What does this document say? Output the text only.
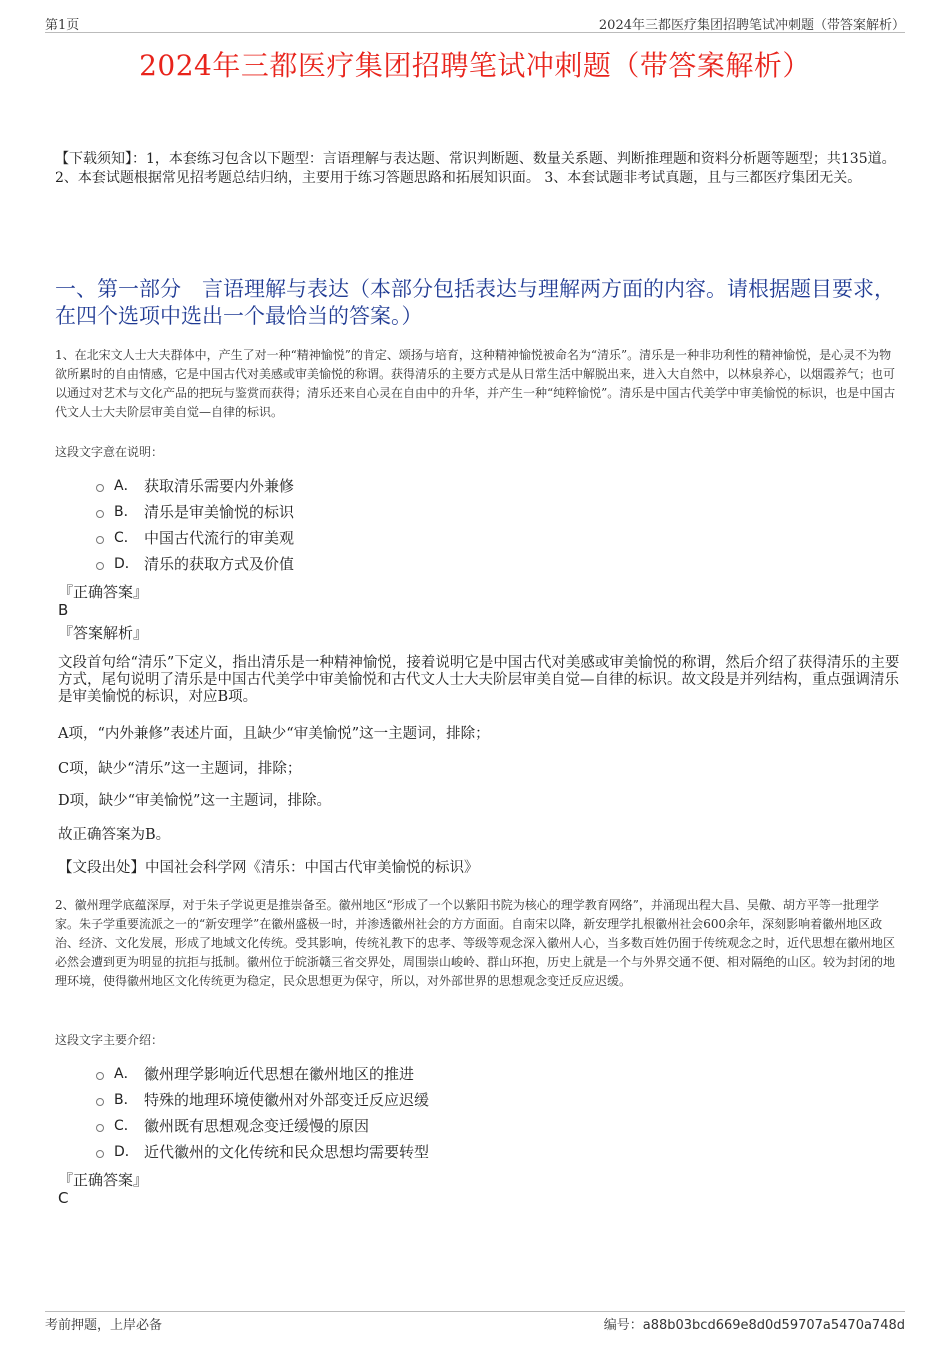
第1页	2024年三都医疗集团招聘笔试冲刺题（带答案解析）
2024年三都医疗集团招聘笔试冲刺题（带答案解析）
【下载须知】：1，本套练习包含以下题型：言语理解与表达题、常识判断题、数量关系题、判断推理题和资料分析题等题型；共135道。 2、本套试题根据常见招考题总结归纳，主要用于练习答题思路和拓展知识面。 3、本套试题非考试真题，且与三都医疗集团无关。
一、第一部分　言语理解与表达（本部分包括表达与理解两方面的内容。请根据题目要求，在四个选项中选出一个最恰当的答案。）
1、在北宋文人士大夫群体中，产生了对一种“精神愉悦”的肯定、颂扬与培育，这种精神愉悦被命名为“清乐”。清乐是一种非功利性的精神愉悦，是心灵不为物欲所累时的自由情感，它是中国古代对美感或审美愉悦的称谓。获得清乐的主要方式是从日常生活中解脱出来，进入大自然中，以林泉养心，以烟霞养气；也可以通过对艺术与文化产品的把玩与鉴赏而获得；清乐还来自心灵在自由中的升华，并产生一种“纯粹愉悦”。清乐是中国古代美学中审美愉悦的标识，也是中国古代文人士大夫阶层审美自觉—自律的标识。
这段文字意在说明：
A． 获取清乐需要内外兼修
B． 清乐是审美愉悦的标识
C． 中国古代流行的审美观
D． 清乐的获取方式及价值
『正确答案』
B
『答案解析』
文段首句给“清乐”下定义，指出清乐是一种精神愉悦，接着说明它是中国古代对美感或审美愉悦的称谓，然后介绍了获得清乐的主要方式，尾句说明了清乐是中国古代美学中审美愉悦和古代文人士大夫阶层审美自觉—自律的标识。故文段是并列结构，重点强调清乐是审美愉悦的标识，对应B项。
A项，“内外兼修”表述片面，且缺少“审美愉悦”这一主题词，排除；
C项，缺少“清乐”这一主题词，排除；
D项，缺少“审美愉悦”这一主题词，排除。
故正确答案为B。
【文段出处】中国社会科学网《清乐：中国古代审美愉悦的标识》
2、徽州理学底蕴深厚，对于朱子学说更是推崇备至。徽州地区“形成了一个以紫阳书院为核心的理学教育网络”，并涌现出程大昌、吴儆、胡方平等一批理学家。朱子学重要流派之一的“新安理学”在徽州盛极一时，并渗透徽州社会的方方面面。自南宋以降，新安理学扎根徽州社会600余年，深刻影响着徽州地区政治、经济、文化发展，形成了地域文化传统。受其影响，传统礼教下的忠孝、等级等观念深入徽州人心，当多数百姓仍囿于传统观念之时，近代思想在徽州地区必然会遭到更为明显的抗拒与抵制。徽州位于皖浙赣三省交界处，周围崇山峻岭、群山环抱，历史上就是一个与外界交通不便、相对隔绝的山区。较为封闭的地理环境，使得徽州地区文化传统更为稳定，民众思想更为保守，所以，对外部世界的思想观念变迁反应迟缓。
这段文字主要介绍：
A． 徽州理学影响近代思想在徽州地区的推进
B． 特殊的地理环境使徽州对外部变迁反应迟缓
C． 徽州既有思想观念变迁缓慢的原因
D． 近代徽州的文化传统和民众思想均需要转型
『正确答案』
C
考前押题，上岸必备	编号：a88b03bcd669e8d0d59707a5470a748d
